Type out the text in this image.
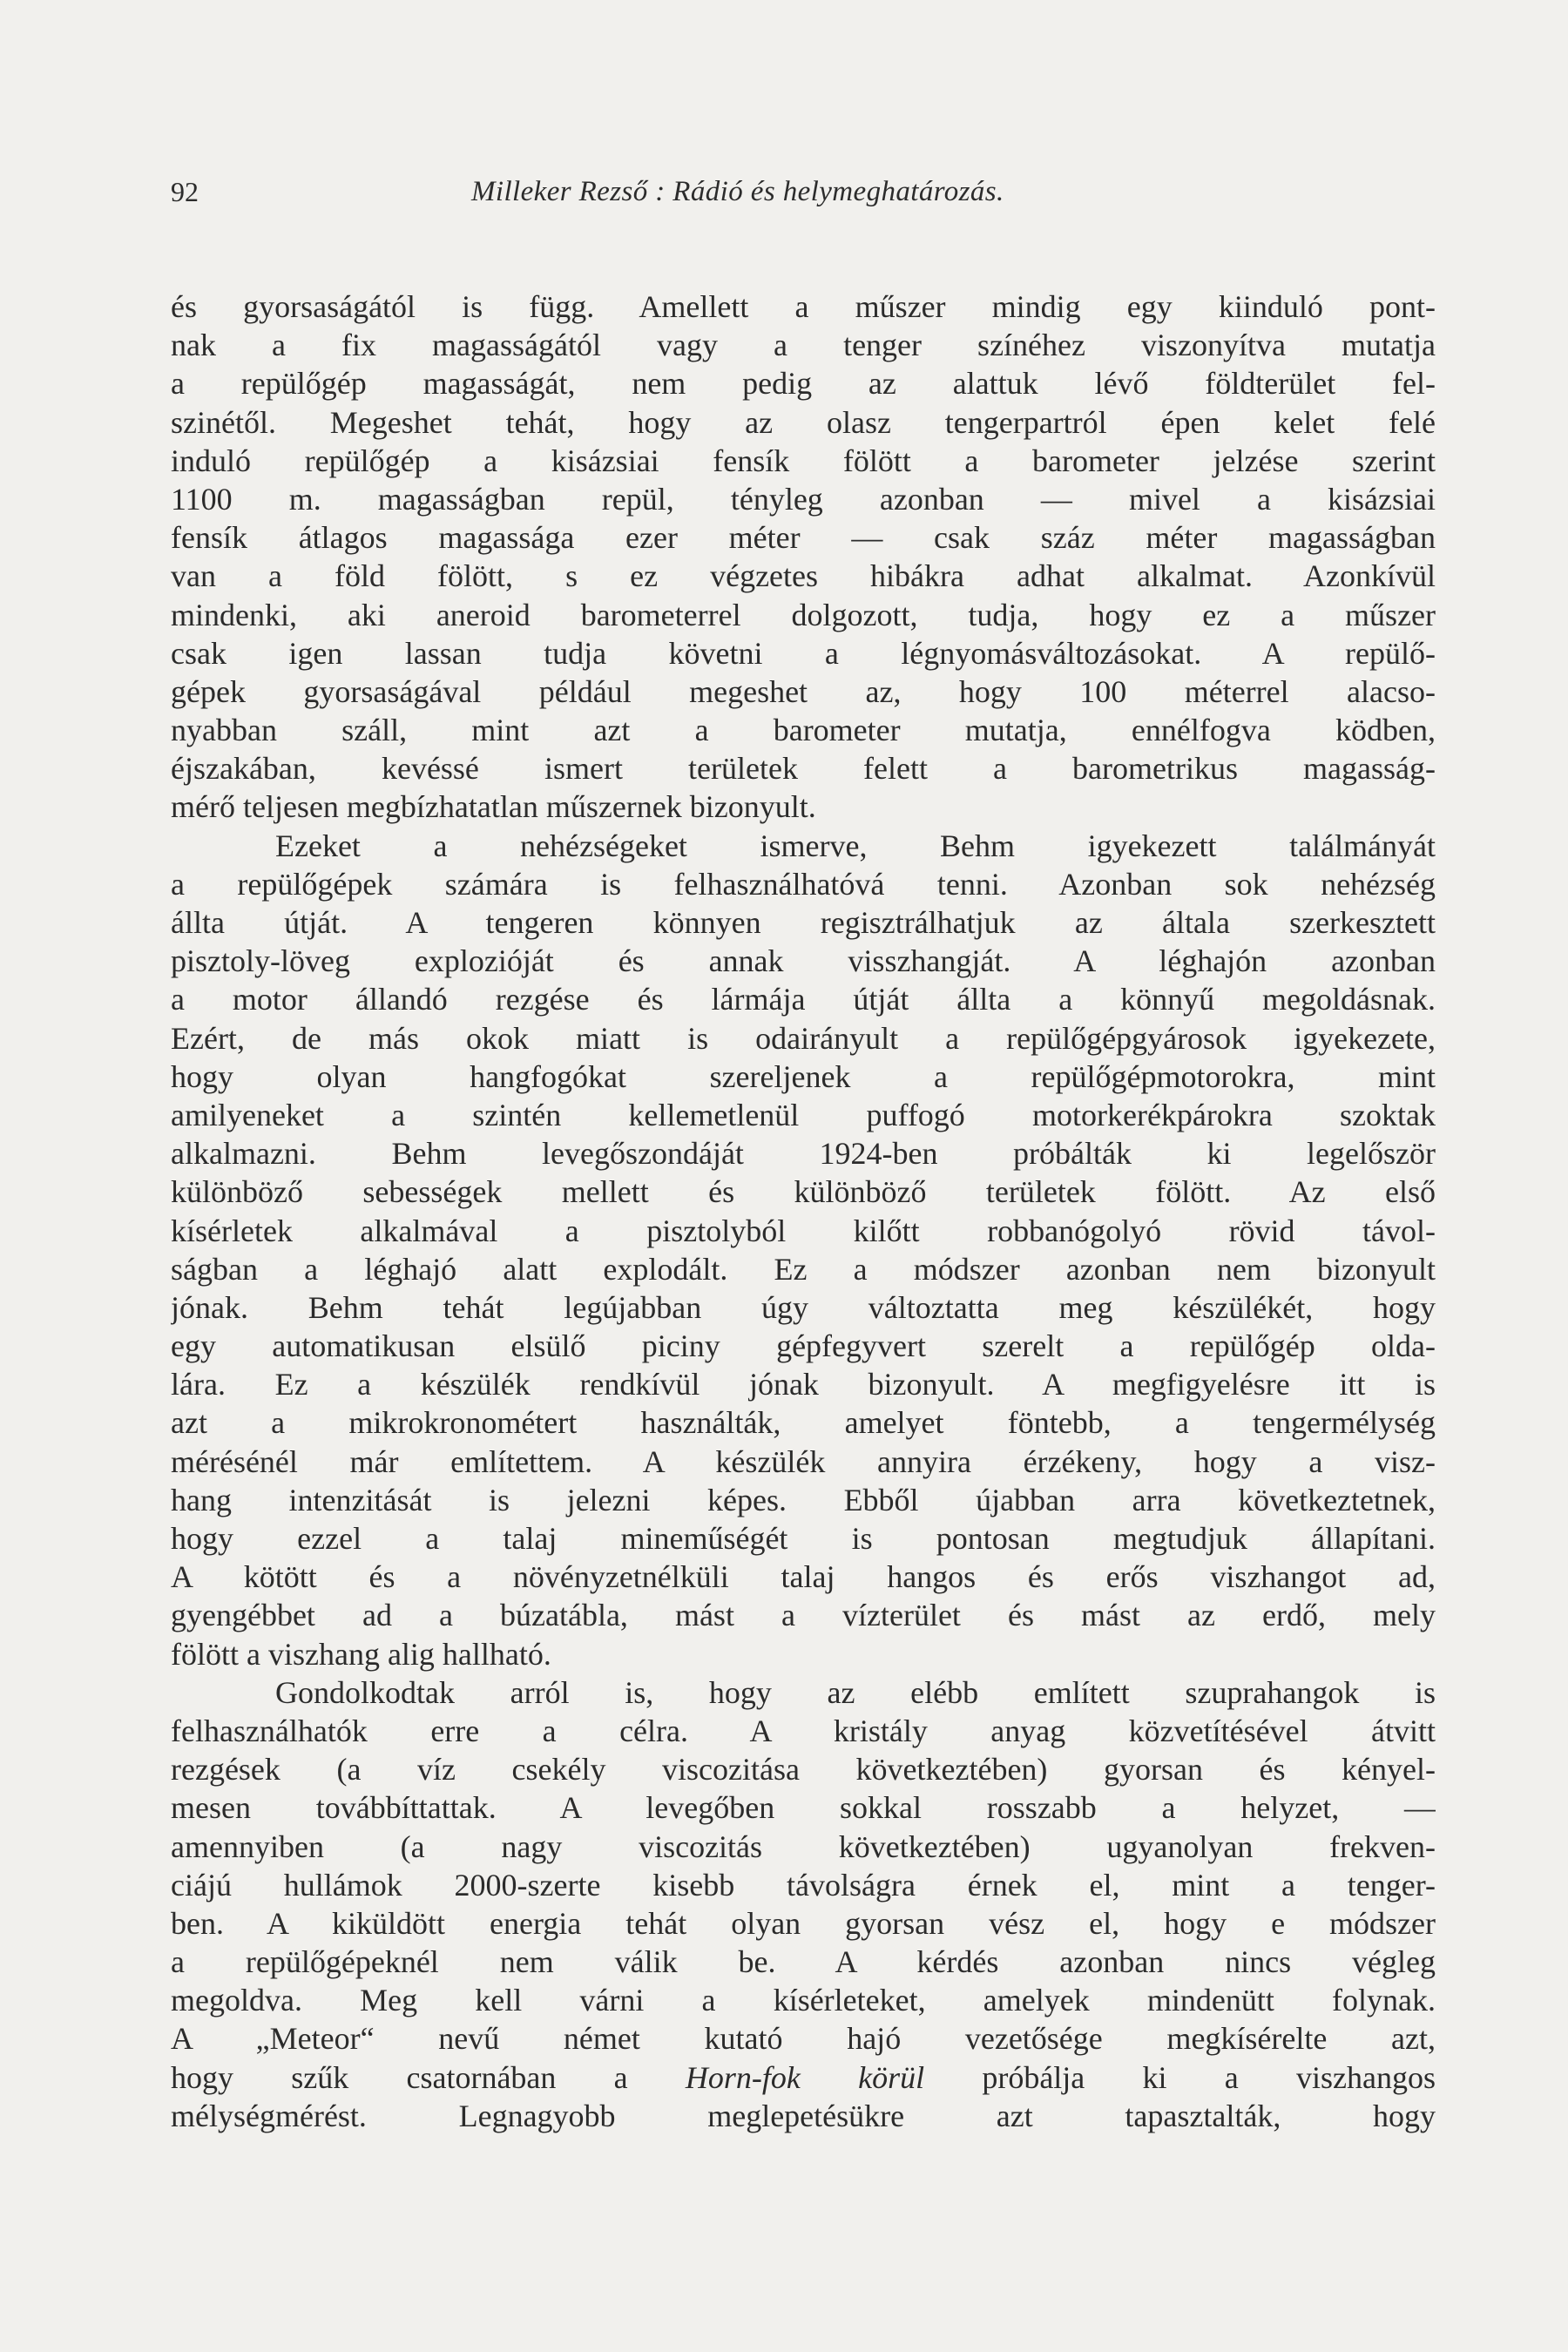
92	Milleker Rezső : Rádió és helymeghatározás.
és gyorsaságától is függ. Amellett a műszer mindig egy kiinduló pont-
nak a fix magasságától vagy a tenger színéhez viszonyítva mutatja
a repülőgép magasságát, nem pedig az alattuk lévő földterület fel-
szinétől. Megeshet tehát, hogy az olasz tengerpartról épen kelet felé
induló repülőgép a kisázsiai fensík fölött a barometer jelzése szerint
1100 m. magasságban repül, tényleg azonban — mivel a kisázsiai
fensík átlagos magassága ezer méter — csak száz méter magasságban
van a föld fölött, s ez végzetes hibákra adhat alkalmat. Azonkívül
mindenki, aki aneroid barometerrel dolgozott, tudja, hogy ez a műszer
csak igen lassan tudja követni a légnyomásváltozásokat. A repülő-
gépek gyorsaságával például megeshet az, hogy 100 méterrel alacso-
nyabban száll, mint azt a barometer mutatja, ennélfogva ködben,
éjszakában, kevéssé ismert területek felett a barometrikus magasság-
mérő teljesen megbízhatatlan műszernek bizonyult.
Ezeket a nehézségeket ismerve, Behm igyekezett találmányát
a repülőgépek számára is felhasználhatóvá tenni. Azonban sok nehézség
állta útját. A tengeren könnyen regisztrálhatjuk az általa szerkesztett
pisztoly-löveg explozióját és annak visszhangját. A léghajón azonban
a motor állandó rezgése és lármája útját állta a könnyű megoldásnak.
Ezért, de más okok miatt is odairányult a repülőgépgyárosok igyekezete,
hogy olyan hangfogókat szereljenek a repülőgépmotorokra, mint
amilyeneket a szintén kellemetlenül puffogó motorkerékpárokra szoktak
alkalmazni. Behm levegőszondáját 1924-ben próbálták ki legelőször
különböző sebességek mellett és különböző területek fölött. Az első
kísérletek alkalmával a pisztolyból kilőtt robbanógolyó rövid távol-
ságban a léghajó alatt explodált. Ez a módszer azonban nem bizonyult
jónak. Behm tehát legújabban úgy változtatta meg készülékét, hogy
egy automatikusan elsülő piciny gépfegyvert szerelt a repülőgép olda-
lára. Ez a készülék rendkívül jónak bizonyult. A megfigyelésre itt is
azt a mikrokronométert használták, amelyet föntebb, a tengermélység
mérésénél már említettem. A készülék annyira érzékeny, hogy a visz-
hang intenzitását is jelezni képes. Ebből újabban arra következtetnek,
hogy ezzel a talaj mineműségét is pontosan megtudjuk állapítani.
A kötött és a növényzetnélküli talaj hangos és erős viszhangot ad,
gyengébbet ad a búzatábla, mást a vízterület és mást az erdő, mely
fölött a viszhang alig hallható.
Gondolkodtak arról is, hogy az elébb említett szuprahangok is
felhasználhatók erre a célra. A kristály anyag közvetítésével átvitt
rezgések (a víz csekély viscozitása következtében) gyorsan és kényel-
mesen továbbíttattak. A levegőben sokkal rosszabb a helyzet, —
amennyiben (a nagy viscozitás következtében) ugyanolyan frekven-
ciájú hullámok 2000-szerte kisebb távolságra érnek el, mint a tenger-
ben. A kiküldött energia tehát olyan gyorsan vész el, hogy e módszer
a repülőgépeknél nem válik be. A kérdés azonban nincs végleg
megoldva. Meg kell várni a kísérleteket, amelyek mindenütt folynak.
A „Meteor“ nevű német kutató hajó vezetősége megkísérelte azt,
hogy szűk csatornában a Horn-fok körül próbálja ki a viszhangos
mélységmérést. Legnagyobb meglepetésükre azt tapasztalták, hogy
